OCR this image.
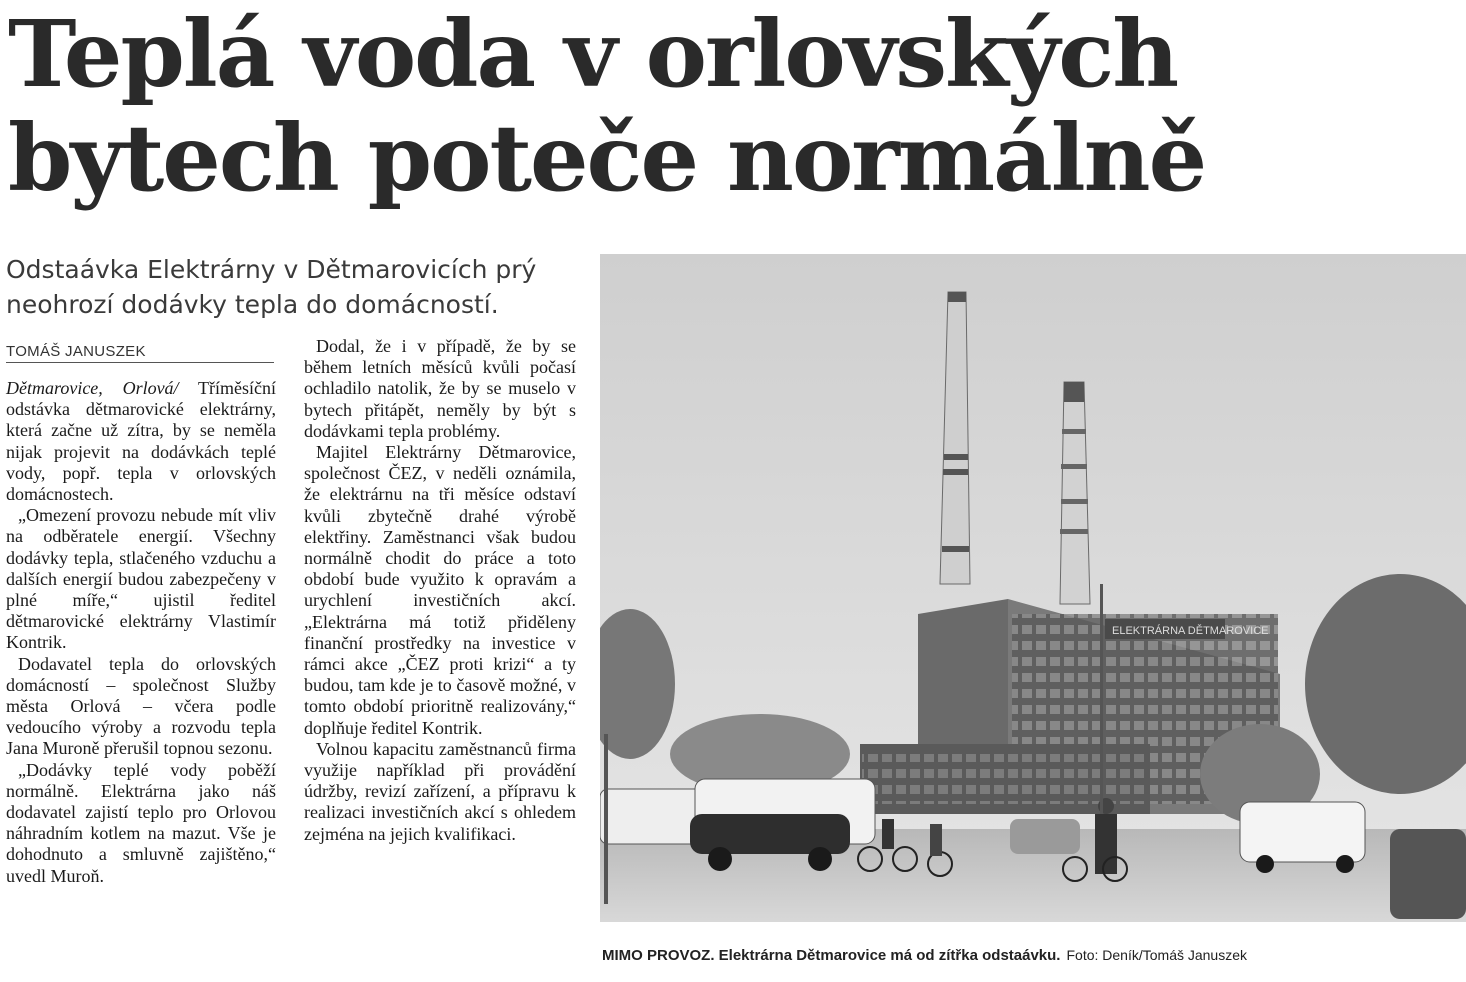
Teplá voda v orlovských
bytech poteče normálně
Odstaávka Elektrárny v Dětmarovicích prý
neohrozí dodávky tepla do domácností.
TOMÁŠ JANUSZEK

Dětmarovice, Orlová/ Tříměsíční odstávka dětmarovické elektrárny, která začne už zítra, by se neměla nijak projevit na dodávkách teplé vody, popř. tepla v orlovských domácnostech.

„Omezení provozu nebude mít vliv na odběratele energií. Všechny dodávky tepla, stlačeného vzduchu a dalších energií budou zabezpečeny v plné míře,“ ujistil ředitel dětmarovické elektrárny Vlastimír Kontrik.

Dodavatel tepla do orlovských domácností – společnost Služby města Orlová – včera podle vedoucího výroby a rozvodu tepla Jana Muroně přerušil topnou sezonu.

„Dodávky teplé vody poběží normálně. Elektrárna jako náš dodavatel zajistí teplo pro Orlovou náhradním kotlem na mazut. Vše je dohodnuto a smluvně zajištěno,“ uvedl Muroň.

Dodal, že i v případě, že by se během letních měsíců kvůli počasí ochladilo natolik, že by se muselo v bytech přitápět, neměly by být s dodávkami tepla problémy.

Majitel Elektrárny Dětmarovice, společnost ČEZ, v neděli oznámila, že elektrárnu na tři měsíce odstaví kvůli zbytečně drahé výrobě elektřiny. Zaměstnanci však budou normálně chodit do práce a toto období bude využito k opravám a urychlení investičních akcí. „Elektrárna má totiž přiděleny finanční prostředky na investice v rámci akce „ČEZ proti krizi“ a ty budou, tam kde je to časově možné, v tomto období prioritně realizovány,“ doplňuje ředitel Kontrik.

Volnou kapacitu zaměstnanců firma využije například při provádění údržby, revizí zařízení, a přípravu k realizaci investičních akcí s ohledem zejména na jejich kvalifikaci.

ELEKTRÁRNA DĚTMAROVICE
MIMO PROVOZ. Elektrárna Dětmarovice má od zítřka odstaávku. Foto: Deník/Tomáš Januszek
